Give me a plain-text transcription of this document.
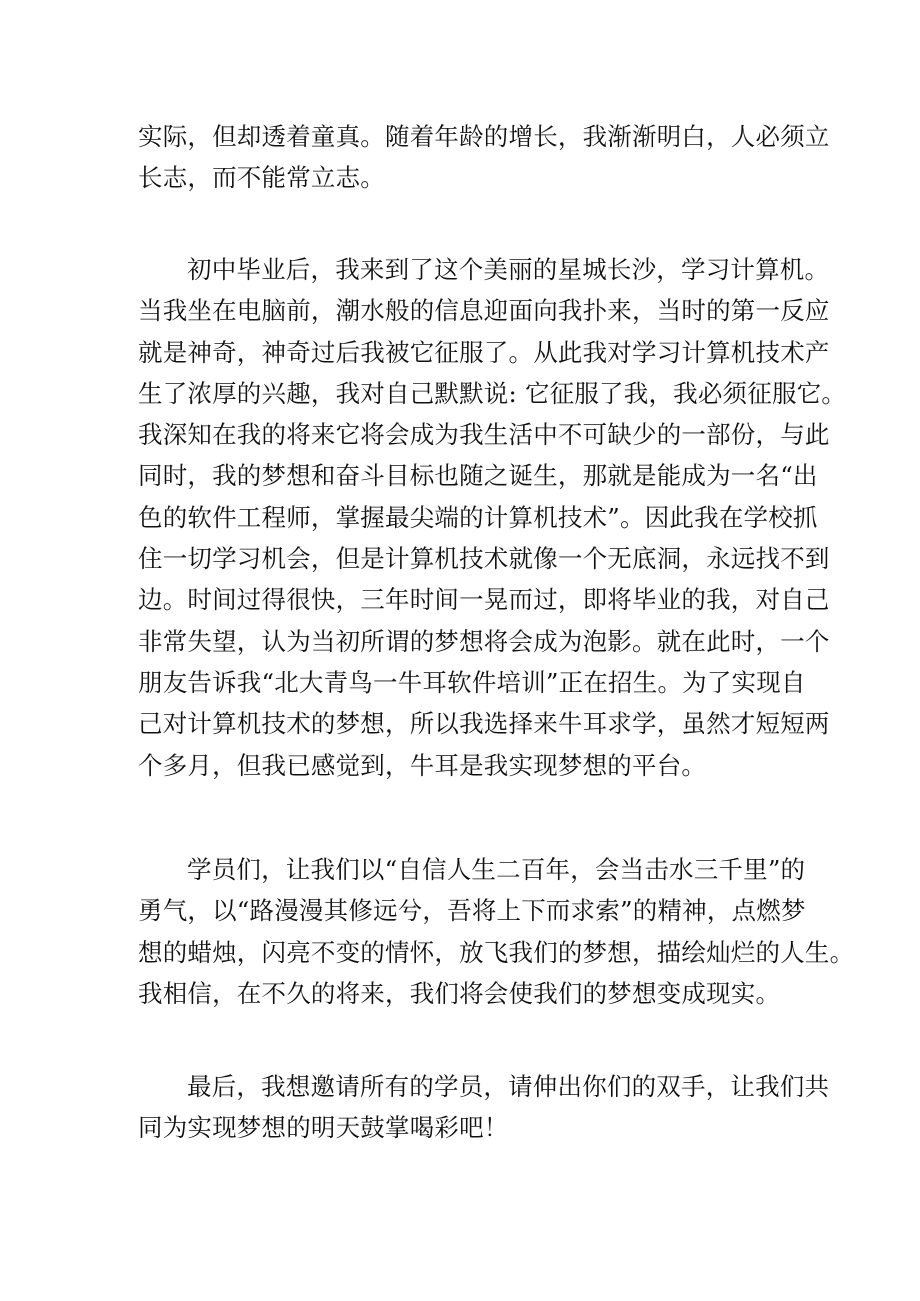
实际，但却透着童真。随着年龄的增长，我渐渐明白，人必须立
长志，而不能常立志。

初中毕业后，我来到了这个美丽的星城长沙，学习计算机。
当我坐在电脑前，潮水般的信息迎面向我扑来，当时的第一反应
就是神奇，神奇过后我被它征服了。从此我对学习计算机技术产
生了浓厚的兴趣，我对自己默默说: 它征服了我，我必须征服它。
我深知在我的将来它将会成为我生活中不可缺少的一部份，与此
同时，我的梦想和奋斗目标也随之诞生，那就是能成为一名“出
色的软件工程师，掌握最尖端的计算机技术”。因此我在学校抓
住一切学习机会，但是计算机技术就像一个无底洞，永远找不到
边。时间过得很快，三年时间一晃而过，即将毕业的我，对自己
非常失望，认为当初所谓的梦想将会成为泡影。就在此时，一个
朋友告诉我“北大青鸟一牛耳软件培训”正在招生。为了实现自
己对计算机技术的梦想，所以我选择来牛耳求学，虽然才短短两
个多月，但我已感觉到，牛耳是我实现梦想的平台。

学员们，让我们以“自信人生二百年，会当击水三千里”的
勇气，以“路漫漫其修远兮，吾将上下而求索”的精神，点燃梦
想的蜡烛，闪亮不变的情怀，放飞我们的梦想，描绘灿烂的人生。
我相信，在不久的将来，我们将会使我们的梦想变成现实。

最后，我想邀请所有的学员，请伸出你们的双手，让我们共
同为实现梦想的明天鼓掌喝彩吧！
